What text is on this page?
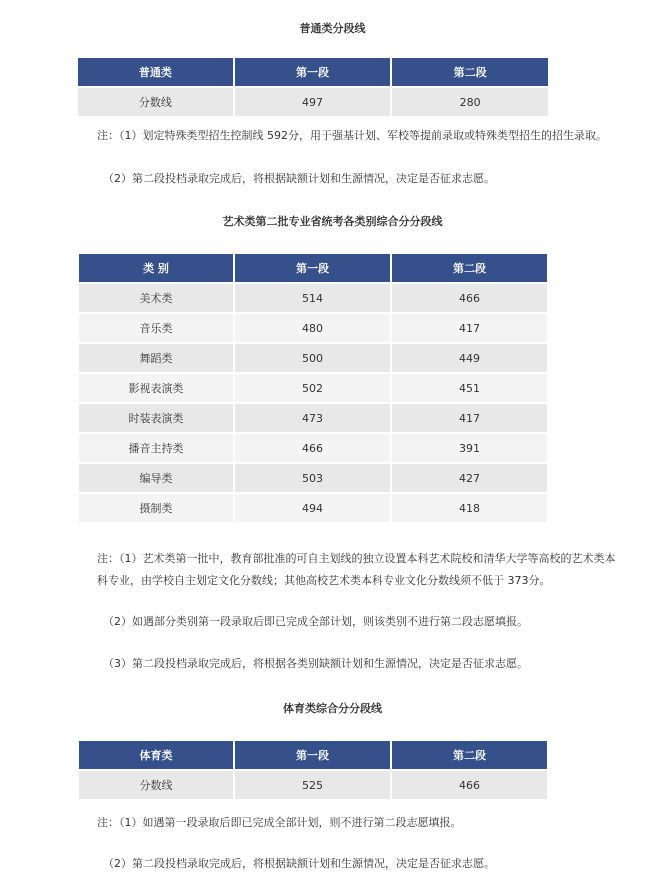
普通类分段线
普通类	第一段	第二段
分数线	497	280

注：（1）划定特殊类型招生控制线 592分，用于强基计划、军校等提前录取或特殊类型招生的招生录取。

（2）第二段投档录取完成后，将根据缺额计划和生源情况，决定是否征求志愿。

艺术类第二批专业省统考各类别综合分分段线
类 别	第一段	第二段
美术类	514	466
音乐类	480	417
舞蹈类	500	449
影视表演类	502	451
时装表演类	473	417
播音主持类	466	391
编导类	503	427
摄制类	494	418

注：（1）艺术类第一批中，教育部批准的可自主划线的独立设置本科艺术院校和清华大学等高校的艺术类本科专业，由学校自主划定文化分数线；其他高校艺术类本科专业文化分数线须不低于 373分。

（2）如遇部分类别第一段录取后即已完成全部计划，则该类别不进行第二段志愿填报。

（3）第二段投档录取完成后，将根据各类别缺额计划和生源情况，决定是否征求志愿。

体育类综合分分段线
体育类	第一段	第二段
分数线	525	466

注：（1）如遇第一段录取后即已完成全部计划，则不进行第二段志愿填报。

（2）第二段投档录取完成后，将根据缺额计划和生源情况，决定是否征求志愿。
